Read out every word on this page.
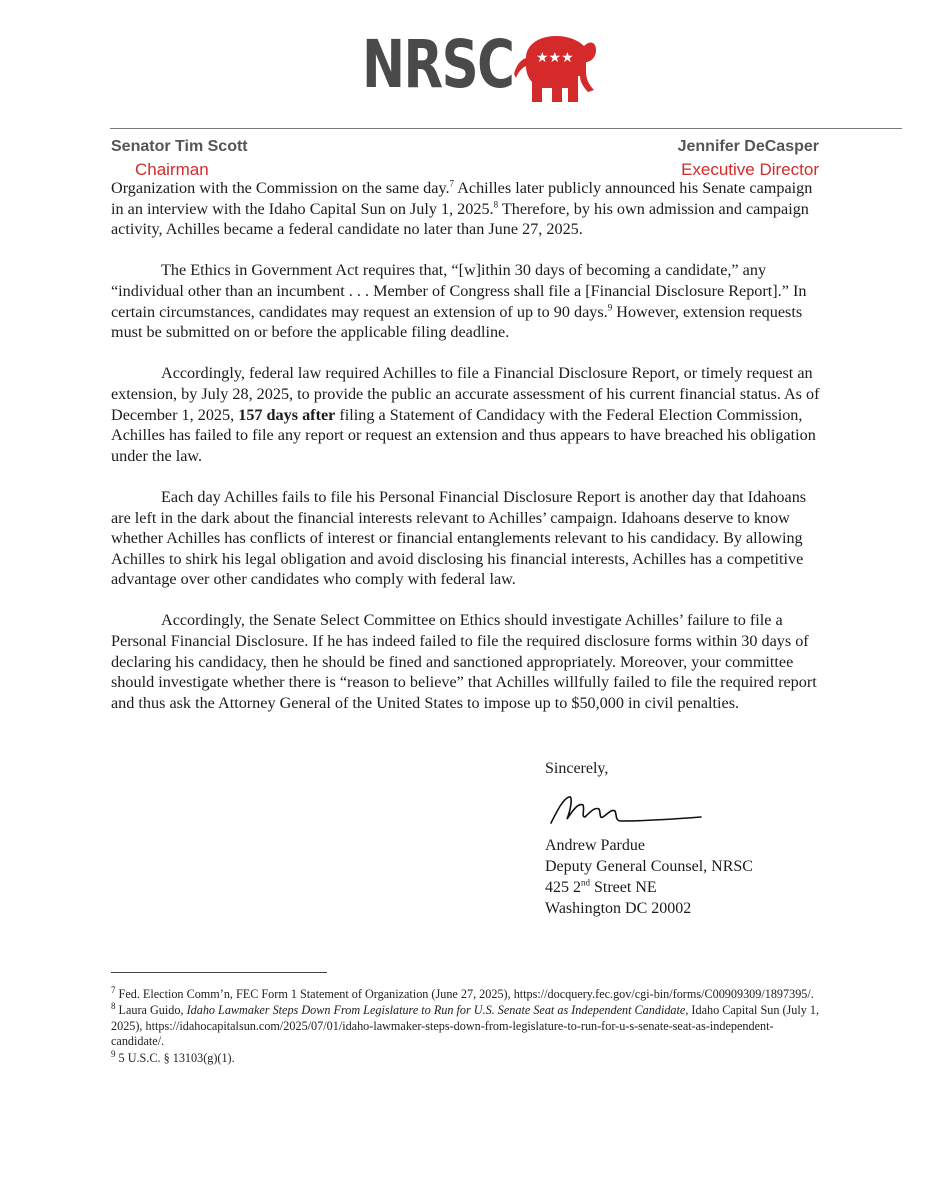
NRSC ★★★
Senator Tim Scott
Chairman
Jennifer DeCasper
Executive Director

Organization with the Commission on the same day.$^7$ Achilles later publicly announced his Senate campaign in an interview with the Idaho Capital Sun on July 1, 2025.$^8$ Therefore, by his own admission and campaign activity, Achilles became a federal candidate no later than June 27, 2025.

The Ethics in Government Act requires that, “[w]ithin 30 days of becoming a candidate,” any “individual other than an incumbent . . . Member of Congress shall file a [Financial Disclosure Report].” In certain circumstances, candidates may request an extension of up to 90 days.$^9$ However, extension requests must be submitted on or before the applicable filing deadline.

Accordingly, federal law required Achilles to file a Financial Disclosure Report, or timely request an extension, by July 28, 2025, to provide the public an accurate assessment of his current financial status. As of December 1, 2025, 157 days after filing a Statement of Candidacy with the Federal Election Commission, Achilles has failed to file any report or request an extension and thus appears to have breached his obligation under the law.

Each day Achilles fails to file his Personal Financial Disclosure Report is another day that Idahoans are left in the dark about the financial interests relevant to Achilles’ campaign. Idahoans deserve to know whether Achilles has conflicts of interest or financial entanglements relevant to his candidacy. By allowing Achilles to shirk his legal obligation and avoid disclosing his financial interests, Achilles has a competitive advantage over other candidates who comply with federal law.

Accordingly, the Senate Select Committee on Ethics should investigate Achilles’ failure to file a Personal Financial Disclosure. If he has indeed failed to file the required disclosure forms within 30 days of declaring his candidacy, then he should be fined and sanctioned appropriately. Moreover, your committee should investigate whether there is “reason to believe” that Achilles willfully failed to file the required report and thus ask the Attorney General of the United States to impose up to $50,000 in civil penalties.

Sincerely,
Andrew Pardue
Deputy General Counsel, NRSC
425 2nd Street NE
Washington DC 20002
$^7$ Fed. Election Comm’n, FEC Form 1 Statement of Organization (June 27, 2025), https://docquery.fec.gov/cgi-bin/forms/C00909309/1897395/.
$^8$ Laura Guido, Idaho Lawmaker Steps Down From Legislature to Run for U.S. Senate Seat as Independent Candidate, Idaho Capital Sun (July 1, 2025), https://idahocapitalsun.com/2025/07/01/idaho-lawmaker-steps-down-from-legislature-to-run-for-u-s-senate-seat-as-independent-candidate/.
$^9$ 5 U.S.C. § 13103(g)(1).
